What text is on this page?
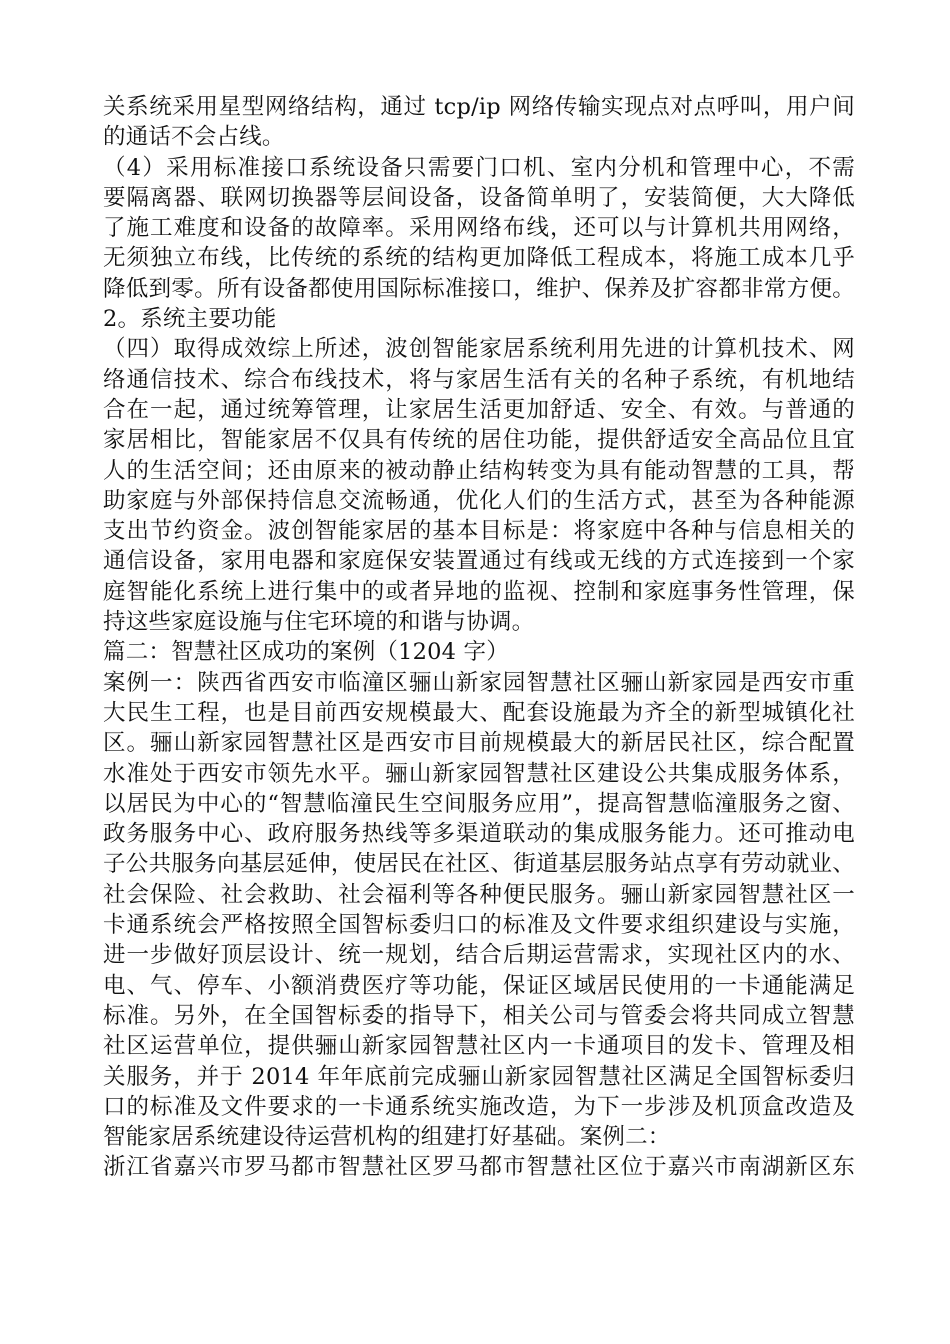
关系统采用星型网络结构，通过 tcp/ip 网络传输实现点对点呼叫，用户间
的通话不会占线。
（4）采用标准接口系统设备只需要门口机、室内分机和管理中心，不需
要隔离器、联网切换器等层间设备，设备简单明了，安装简便，大大降低
了施工难度和设备的故障率。采用网络布线，还可以与计算机共用网络，
无须独立布线，比传统的系统的结构更加降低工程成本，将施工成本几乎
降低到零。所有设备都使用国际标准接口，维护、保养及扩容都非常方便。
2。系统主要功能
（四）取得成效综上所述，波创智能家居系统利用先进的计算机技术、网
络通信技术、综合布线技术，将与家居生活有关的名种子系统，有机地结
合在一起，通过统筹管理，让家居生活更加舒适、安全、有效。与普通的
家居相比，智能家居不仅具有传统的居住功能，提供舒适安全高品位且宜
人的生活空间；还由原来的被动静止结构转变为具有能动智慧的工具，帮
助家庭与外部保持信息交流畅通，优化人们的生活方式，甚至为各种能源
支出节约资金。波创智能家居的基本目标是：将家庭中各种与信息相关的
通信设备，家用电器和家庭保安装置通过有线或无线的方式连接到一个家
庭智能化系统上进行集中的或者异地的监视、控制和家庭事务性管理，保
持这些家庭设施与住宅环境的和谐与协调。
篇二：智慧社区成功的案例（1204 字）
案例一：陕西省西安市临潼区骊山新家园智慧社区骊山新家园是西安市重
大民生工程，也是目前西安规模最大、配套设施最为齐全的新型城镇化社
区。骊山新家园智慧社区是西安市目前规模最大的新居民社区，综合配置
水准处于西安市领先水平。骊山新家园智慧社区建设公共集成服务体系，
以居民为中心的“智慧临潼民生空间服务应用”，提高智慧临潼服务之窗、
政务服务中心、政府服务热线等多渠道联动的集成服务能力。还可推动电
子公共服务向基层延伸，使居民在社区、街道基层服务站点享有劳动就业、
社会保险、社会救助、社会福利等各种便民服务。骊山新家园智慧社区一
卡通系统会严格按照全国智标委归口的标准及文件要求组织建设与实施，
进一步做好顶层设计、统一规划，结合后期运营需求，实现社区内的水、
电、气、停车、小额消费医疗等功能，保证区域居民使用的一卡通能满足
标准。另外，在全国智标委的指导下，相关公司与管委会将共同成立智慧
社区运营单位，提供骊山新家园智慧社区内一卡通项目的发卡、管理及相
关服务，并于 2014 年年底前完成骊山新家园智慧社区满足全国智标委归
口的标准及文件要求的一卡通系统实施改造，为下一步涉及机顶盒改造及
智能家居系统建设待运营机构的组建打好基础。案例二：
浙江省嘉兴市罗马都市智慧社区罗马都市智慧社区位于嘉兴市南湖新区东
